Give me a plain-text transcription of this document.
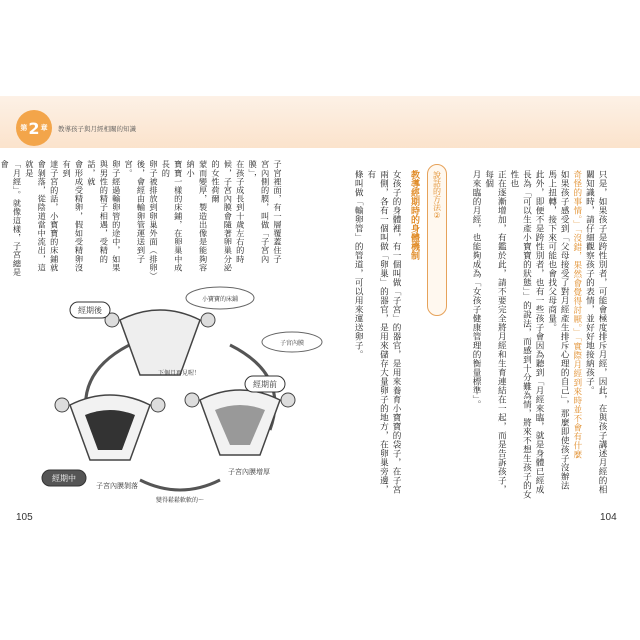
第 2 章 教導孩子與月經相關的知識

只是，如果孩子是跨性別者，可能會極度排斥月經，因此，在與孩子講述月經的相

關知識時，請仔細觀察孩子的表情，並好好地接納孩子。

奇怪的事情。」「沒錯，果然會覺得討厭。」「實際月經到來時並不會有什麼

如果孩子感受到「父母接受了對月經產生排斥心理的自己」，那麼即使孩子沒辦法

馬上扭轉，接下來可能也會找父母商量。

此外，即便不是跨性別者，也有一些孩子會因為聽到「月經來臨，就是身體已經成

長為「可以生產小寶寶的狀態」」的說法，而感到十分難為情，將來不想生孩子的女性也

正在逐漸增加，有鑑於此，請不要完全將月經和生育連結在一起，而是告訴孩子，每個

月來臨的月經，也能夠成為「女孩子健康管理的衡量標準」。

說話的方法②
教導經期時的身體機制

女孩子的身體裡，有一個叫做「子宮」的器官，是用來養育小寶寶的袋子，在子宮

兩側，各有一個叫做「卵巢」的器官，是用來儲存大量卵子的地方，在卵巢旁邊，有

條叫做「輸卵管」的管道，可以用來運送卵子。

子宮裡面，有一層覆蓋住子

宮內側的膜，叫做「子宮內膜」，

在孩子成長到十歲左右的時候，子宮內膜會隨著卵巢分泌的女性荷爾

蒙而變厚，製造出像是能夠容納小

寶寶一樣的床鋪，在卵巢中成長的

卵子被排放到卵巢外面（排卵）

後，會經由輸卵管運送到子宮。

卵子經過輸卵管的途中，如果

與男性的精子相遇，受精的話，就

會形成受精卵，假如受精卵沒有到

達子宮的話，小寶寶的床鋪就

會剝落，從陰道當中流出，這就是

「月經」。就像這樣，子宮總是會

經期後
經期前
經期中
小寶寶的床鋪
子宮內膜
下個月再見喔！
子宮內膜增厚
子宮內膜剝落
變得鬆鬆軟軟的～
105	104
